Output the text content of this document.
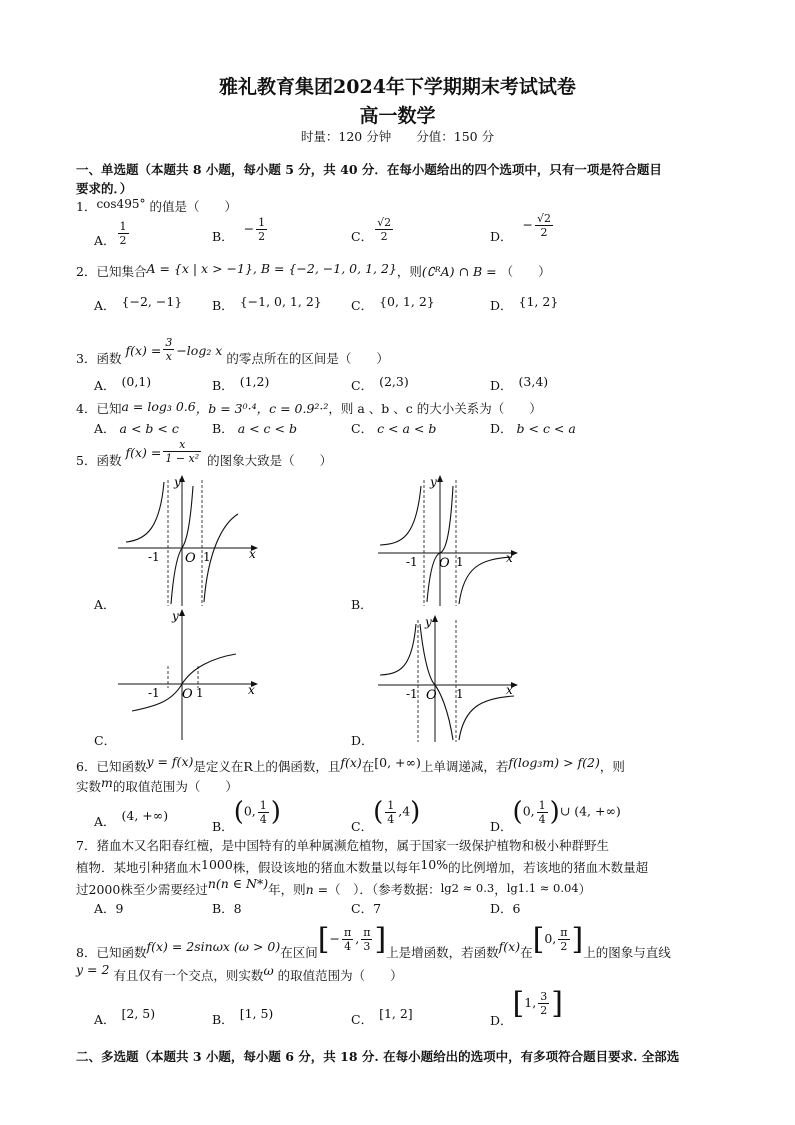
雅礼教育集团2024年下学期期末考试试卷
高一数学
时量：120 分钟　　分值：150 分
一、单选题（本题共 8 小题，每小题 5 分，共 40 分．在每小题给出的四个选项中，只有一项是符合题目
要求的．）
1．cos495° 的值是（　　）
A． $\frac{1}{2}$	B．− $\frac{1}{2}$	C． $\frac{√2}{2}$	D．− $\frac{√2}{2}$
2．已知集合A = {x | x > −1}, B = {−2, −1, 0, 1, 2}，则(∁ᴿA) ∩ B = （　　）
A． {−2, −1} B． {−1, 0, 1, 2} C． {0, 1, 2}	D． {1, 2}
3．函数 $f(x) = \frac{3}{x} -\log_2$ x 的零点所在的区间是（　　）
A． (0,1)	B． (1,2)	C． (2,3)	D． (3,4)
4．已知a = log₃ 0.6，b = 3⁰·⁴，c = 0.9²·²，则 a 、b 、c 的大小关系为（　　）
A． a < b < c	B． a < c < b	C． c < a < b	D． b < c < a
5．函数 $f(x) = \frac{x}{\text{1 − x²}}$ 的图象大致是（　　）
y
x
O
-1	1
A．
y
x
O
-1	1
B．
y
x
O
-1	1
C．
y
x
O
-1	1
D．
6．已知函数y = f(x)是定义在R上的偶函数，且f(x)在[0, +∞)上单调递减，若f(log₃m) > f(2)，则
实数m的取值范围为（　　）
A． (4, +∞)
B．(0, $\frac{1}{4}$ )	C．( $\frac{1}{4} ,4$)	D．(0, $\frac{1}{4}$ )∪ (4, +∞)
7．猪血木又名阳春红檀，是中国特有的单种属濒危植物，属于国家一级保护植物和极小种群野生
植物．某地引种猪血木1000株，假设该地的猪血木数量以每年10%的比例增加，若该地的猪血木数量超
过2000株至少需要经过n(n ∈ N*)年，则n =（　）．（参考数据：lg2 ≈ 0.3，lg1.1 ≈ 0.04）
A．9	B．8	C．7	D．6
8．已知函数f(x) = 2sinωx (ω > 0)在区间[− $\frac{\pi}{4}$ , $\frac{\pi}{3}$ ]上是增函数，若函数f(x)在[0, $\frac{\pi}{2}$ ]上的图象与直线
y = 2 有且仅有一个交点，则实数ω 的取值范围为（　　）
A． [2, 5)	B． [1, 5)	C． [1, 2]	D．[1, $\frac{3}{2}$ ]
二、多选题（本题共 3 小题，每小题 6 分，共 18 分. 在每小题给出的选项中，有多项符合题目要求. 全部选
